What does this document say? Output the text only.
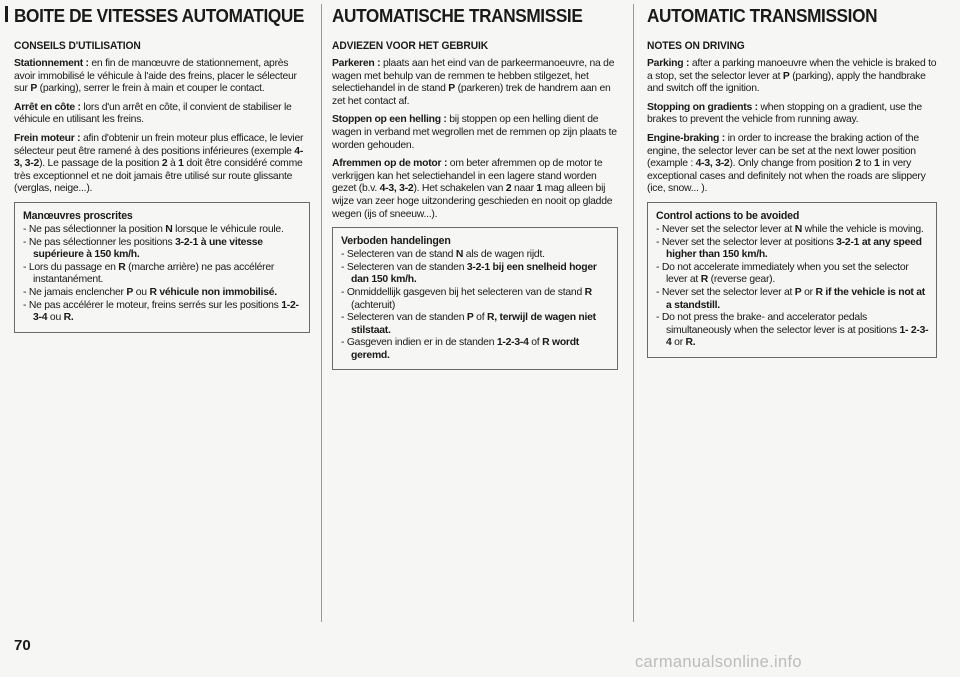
BOITE DE VITESSES AUTOMATIQUE
CONSEILS D'UTILISATION

Stationnement : en fin de manœuvre de stationnement, après avoir immobilisé le véhicule à l'aide des freins, placer le sélecteur sur P (parking), serrer le frein à main et couper le contact.

Arrêt en côte : lors d'un arrêt en côte, il convient de stabiliser le véhicule en utilisant les freins.

Frein moteur : afin d'obtenir un frein moteur plus efficace, le levier sélecteur peut être ramené à des positions inférieures (exemple 4-3, 3-2). Le passage de la position 2 à 1 doit être considéré comme très exceptionnel et ne doit jamais être utilisé sur route glissante (verglas, neige...).

Manœuvres proscrites
- Ne pas sélectionner la position N lorsque le véhicule roule.
- Ne pas sélectionner les positions 3-2-1 à une vitesse supérieure à 150 km/h.
- Lors du passage en R (marche arrière) ne pas accélérer instantanément.
- Ne jamais enclencher P ou R véhicule non immobilisé.
- Ne pas accélérer le moteur, freins serrés sur les positions 1-2-3-4 ou R.
AUTOMATISCHE TRANSMISSIE
ADVIEZEN VOOR HET GEBRUIK

Parkeren : plaats aan het eind van de parkeermanoeuvre, na de wagen met behulp van de remmen te hebben stilgezet, het selectiehandel in de stand P (parkeren) trek de handrem aan en zet het contact af.

Stoppen op een helling : bij stoppen op een helling dient de wagen in verband met wegrollen met de remmen op zijn plaats te worden gehouden.

Afremmen op de motor : om beter afremmen op de motor te verkrijgen kan het selectiehandel in een lagere stand worden gezet (b.v. 4-3, 3-2). Het schakelen van 2 naar 1 mag alleen bij wijze van zeer hoge uitzondering geschieden en nooit op gladde wegen (ijs of sneeuw...).

Verboden handelingen
- Selecteren van de stand N als de wagen rijdt.
- Selecteren van de standen 3-2-1 bij een snelheid hoger dan 150 km/h.
- Onmiddellijk gasgeven bij het selecteren van de stand R (achteruit)
- Selecteren van de standen P of R, terwijl de wagen niet stilstaat.
- Gasgeven indien er in de standen 1-2-3-4 of R wordt geremd.
AUTOMATIC TRANSMISSION
NOTES ON DRIVING

Parking : after a parking manoeuvre when the vehicle is braked to a stop, set the selector lever at P (parking), apply the handbrake and switch off the ignition.

Stopping on gradients : when stopping on a gradient, use the brakes to prevent the vehicle from running away.

Engine-braking : in order to increase the braking action of the engine, the selector lever can be set at the next lower position (example : 4-3, 3-2). Only change from position 2 to 1 in very exceptional cases and definitely not when the roads are slippery (ice, snow... ).

Control actions to be avoided
- Never set the selector lever at N while the vehicle is moving.
- Never set the selector lever at positions 3-2-1 at any speed higher than 150 km/h.
- Do not accelerate immediately when you set the selector lever at R (reverse gear).
- Never set the selector lever at P or R if the vehicle is not at a standstill.
- Do not press the brake- and accelerator pedals simultaneously when the selector lever is at positions 1- 2-3-4 or R.
70
carmanualsonline.info
